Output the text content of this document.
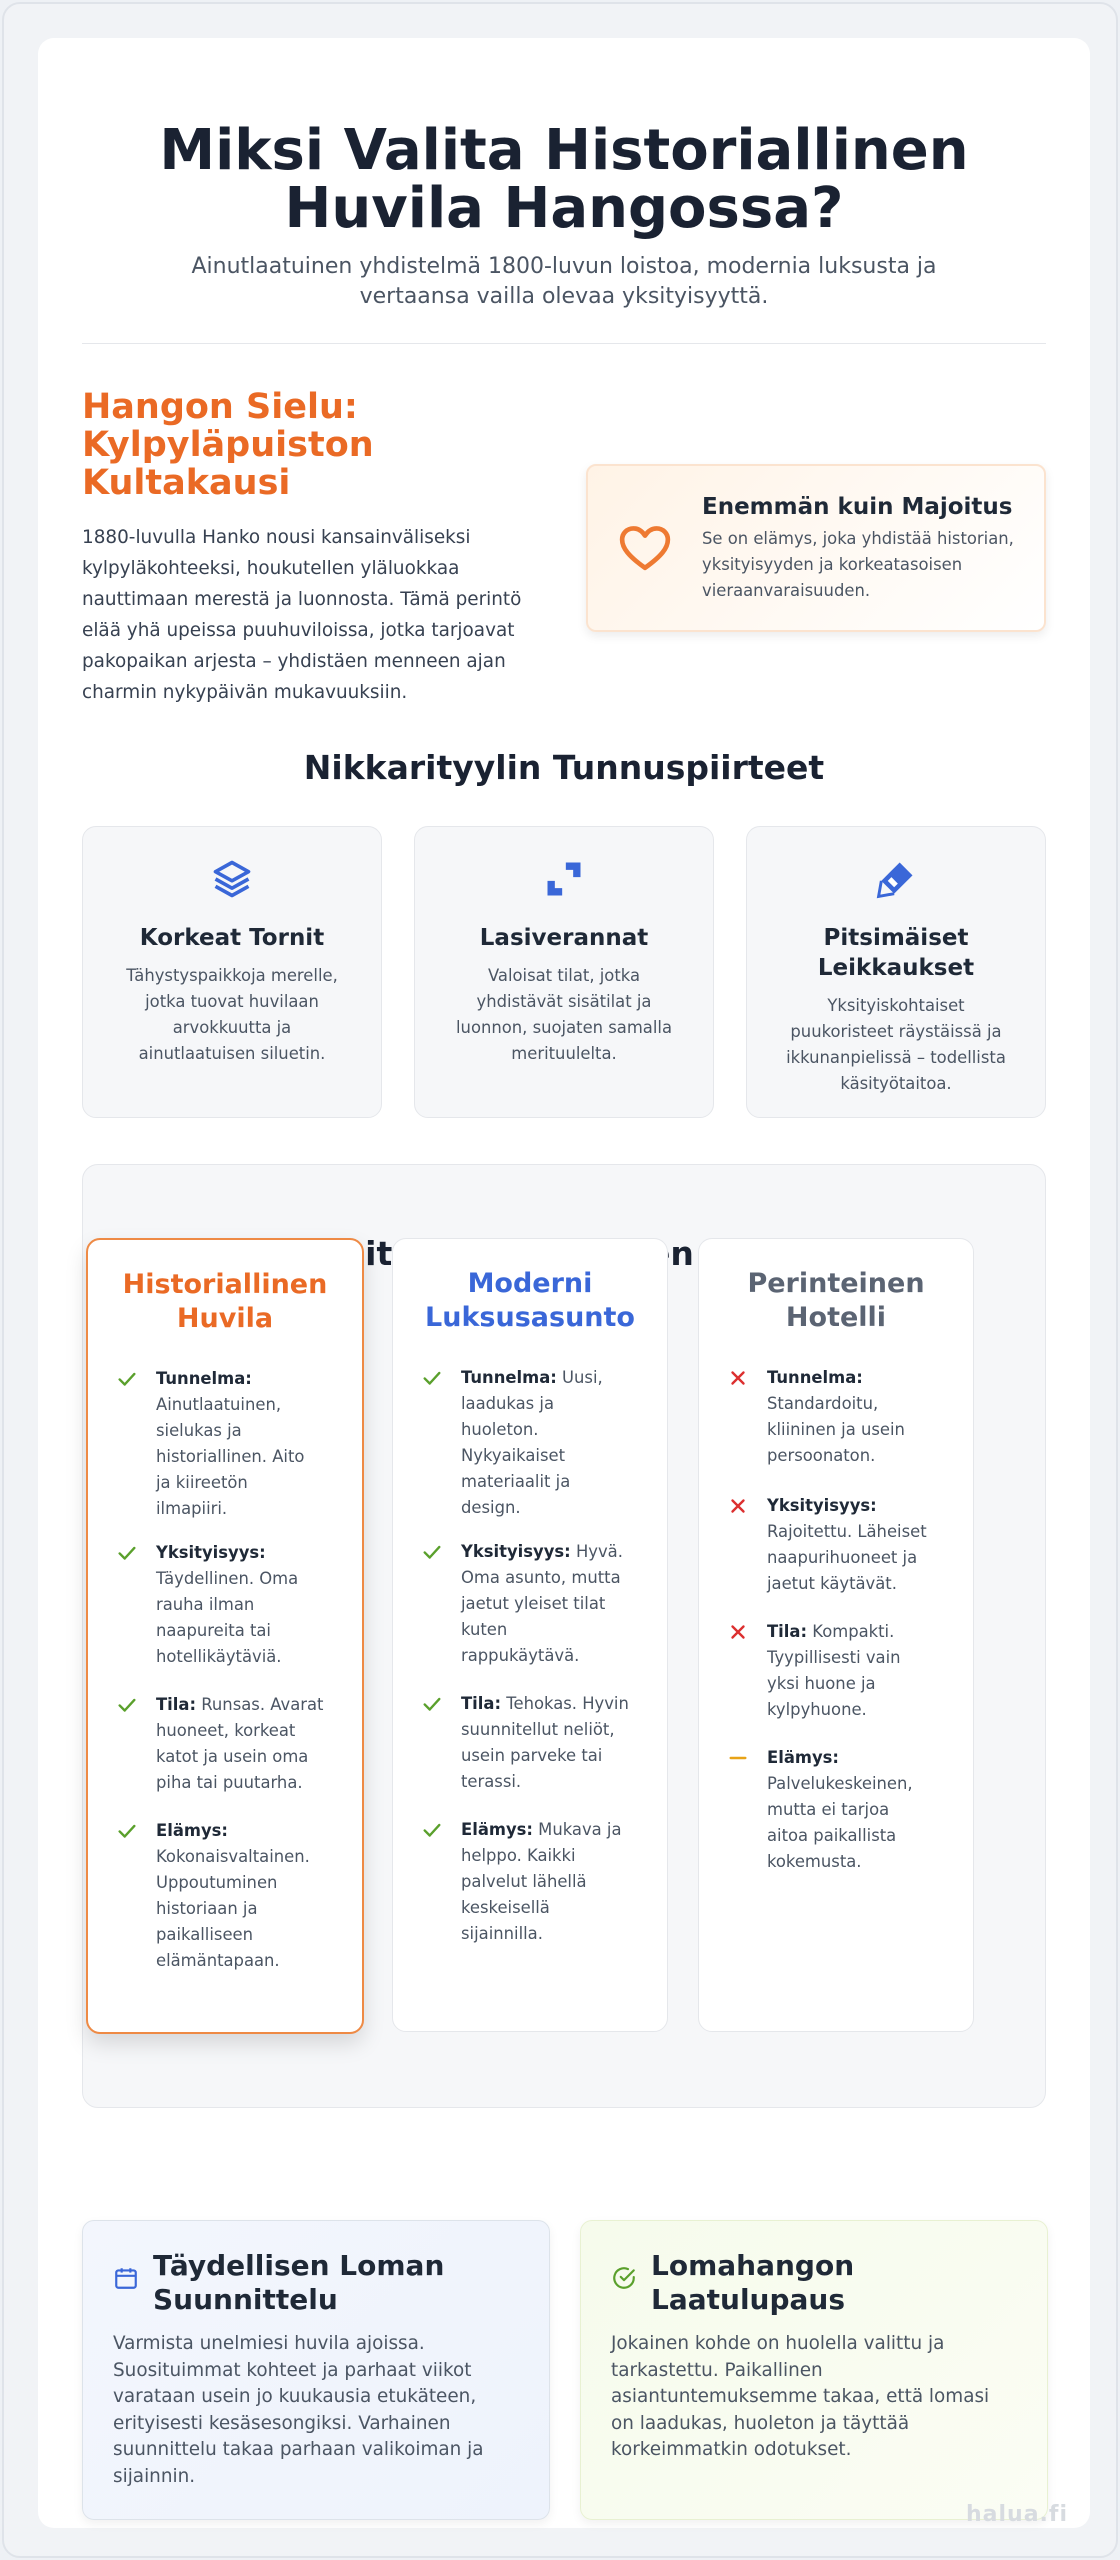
Miksi Valita Historiallinen
Huvila Hangossa?
Ainutlaatuinen yhdistelmä 1800-luvun loistoa, modernia luksusta ja vertaansa vailla olevaa yksityisyyttä.
Hangon Sielu: Kylpyläpuiston Kultakausi
1880-luvulla Hanko nousi kansainväliseksi kylpyläkohteeksi, houkutellen yläluokkaa nauttimaan merestä ja luonnosta. Tämä perintö elää yhä upeissa puuhuviloissa, jotka tarjoavat pakopaikan arjesta – yhdistäen menneen ajan charmin nykypäivän mukavuuksiin.
Enemmän kuin Majoitus
Se on elämys, joka yhdistää historian, yksityisyyden ja korkeatasoisen vieraanvaraisuuden.
Nikkarityylin Tunnuspiirteet
Korkeat Tornit
Tähystyspaikkoja merelle, jotka tuovat huvilaan arvokkuutta ja ainutlaatuisen siluetin.
Lasiverannat
Valoisat tilat, jotka yhdistävät sisätilat ja luonnon, suojaten samalla merituulelta.
Pitsimäiset Leikkaukset
Yksityiskohtaiset puukoristeet räystäissä ja ikkunanpielissä – todellista käsityötaitoa.
Historiallinen Huvila
Tunnelma: Ainutlaatuinen, sielukas ja historiallinen. Aito ja kiireetön ilmapiiri.
Yksityisyys: Täydellinen. Oma rauha ilman naapureita tai hotellikäytäviä.
Tila: Runsas. Avarat huoneet, korkeat katot ja usein oma piha tai puutarha.
Elämys: Kokonaisvaltainen. Uppoutuminen historiaan ja paikalliseen elämäntapaan.
Moderni Luksusasunto
Tunnelma: Uusi, laadukas ja huoleton. Nykyaikaiset materiaalit ja design.
Yksityisyys: Hyvä. Oma asunto, mutta jaetut yleiset tilat kuten rappukäytävä.
Tila: Tehokas. Hyvin suunnitellut neliöt, usein parveke tai terassi.
Elämys: Mukava ja helppo. Kaikki palvelut lähellä keskeisellä sijainnilla.
Perinteinen Hotelli
Tunnelma: Standardoitu, kliininen ja usein persoonaton.
Yksityisyys: Rajoitettu. Läheiset naapurihuoneet ja jaetut käytävät.
Tila: Kompakti. Tyypillisesti vain yksi huone ja kylpyhuone.
Elämys: Palvelukeskeinen, mutta ei tarjoa aitoa paikallista kokemusta.
Täydellisen Loman Suunnittelu
Varmista unelmiesi huvila ajoissa. Suosituimmat kohteet ja parhaat viikot varataan usein jo kuukausia etukäteen, erityisesti kesäsesongiksi. Varhainen suunnittelu takaa parhaan valikoiman ja sijainnin.
Lomahangon Laatulupaus
Jokainen kohde on huolella valittu ja tarkastettu. Paikallinen asiantuntemuksemme takaa, että lomasi on laadukas, huoleton ja täyttää korkeimmatkin odotukset.
halua.fi
